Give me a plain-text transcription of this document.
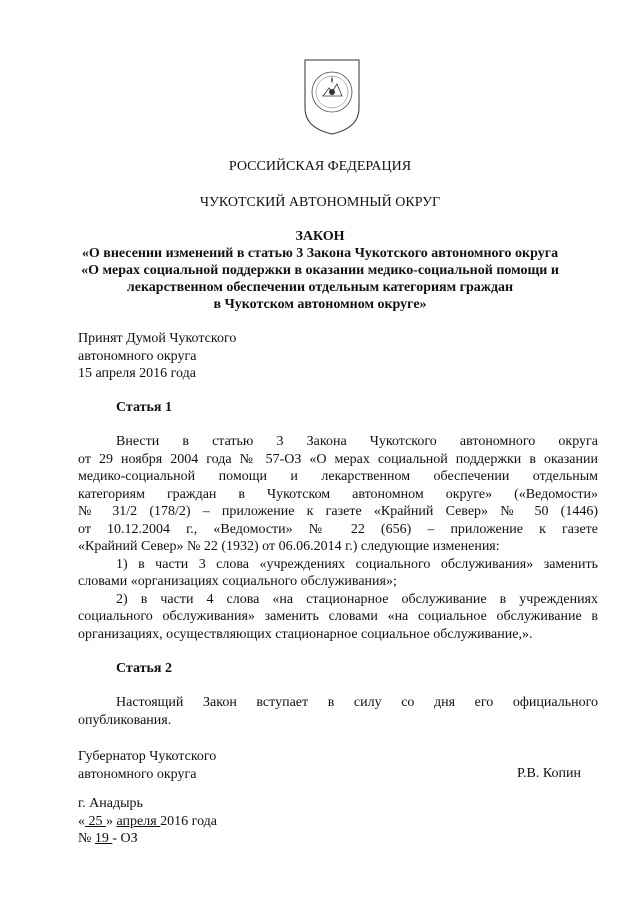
РОССИЙСКАЯ ФЕДЕРАЦИЯ
ЧУКОТСКИЙ АВТОНОМНЫЙ ОКРУГ
ЗАКОН
«О внесении изменений в статью 3 Закона Чукотского автономного округа
«О мерах социальной поддержки в оказании медико-социальной помощи и
лекарственном обеспечении отдельным категориям граждан
в Чукотском автономном округе»
Принят Думой Чукотского
автономного округа
15 апреля 2016 года
Статья 1
Внести в статью 3 Закона Чукотского автономного округа
от 29 ноября 2004 года № 57-ОЗ «О мерах социальной поддержки в оказании
медико-социальной помощи и лекарственном обеспечении отдельным
категориям граждан в Чукотском автономном округе» («Ведомости»
№ 31/2 (178/2) – приложение к газете «Крайний Север» № 50 (1446)
от 10.12.2004 г., «Ведомости» № 22 (656) – приложение к газете
«Крайний Север» № 22 (1932) от 06.06.2014 г.) следующие изменения:
1) в части 3 слова «учреждениях социального обслуживания» заменить
словами «организациях социального обслуживания»;
2) в части 4 слова «на стационарное обслуживание в учреждениях
социального обслуживания» заменить словами «на социальное обслуживание в
организациях, осуществляющих стационарное социальное обслуживание,».
Статья 2
Настоящий Закон вступает в силу со дня его официального
опубликования.
Губернатор Чукотского
автономного округа	Р.В. Копин
г. Анадырь
« 25 » апреля 2016 года
№ 19 - ОЗ
